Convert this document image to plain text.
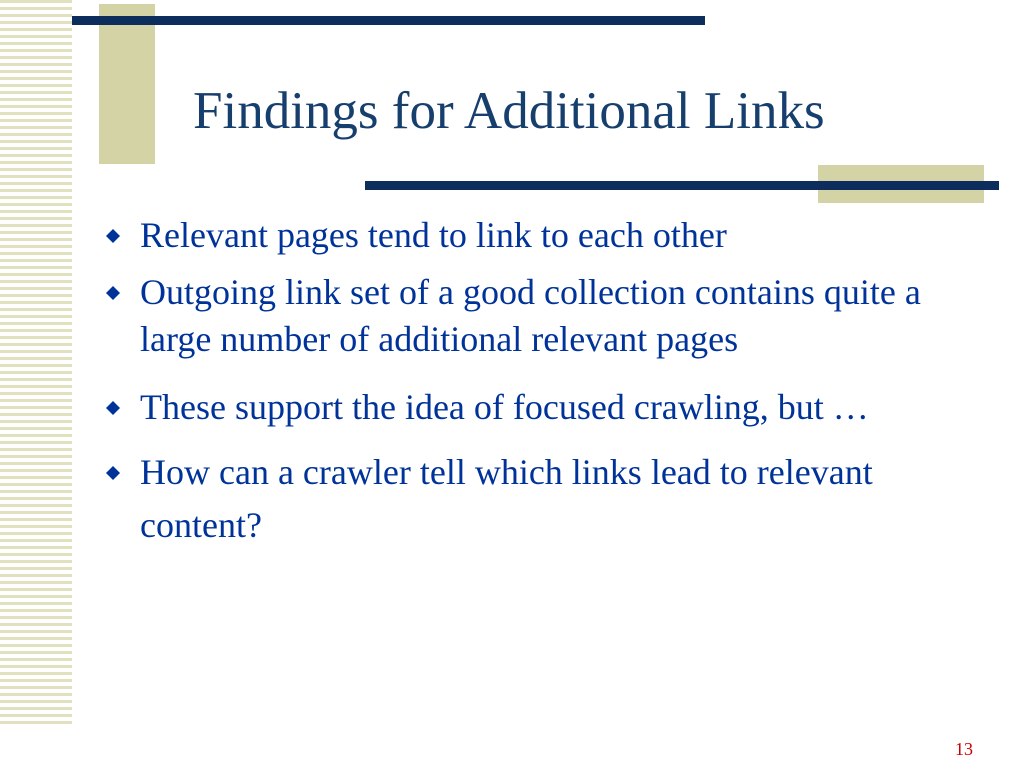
Findings for Additional Links
Relevant pages tend to link to each other
Outgoing link set of a good collection contains quite a large number of additional relevant pages
These support the idea of focused crawling, but …
How can a crawler tell which links lead to relevant content?
13
